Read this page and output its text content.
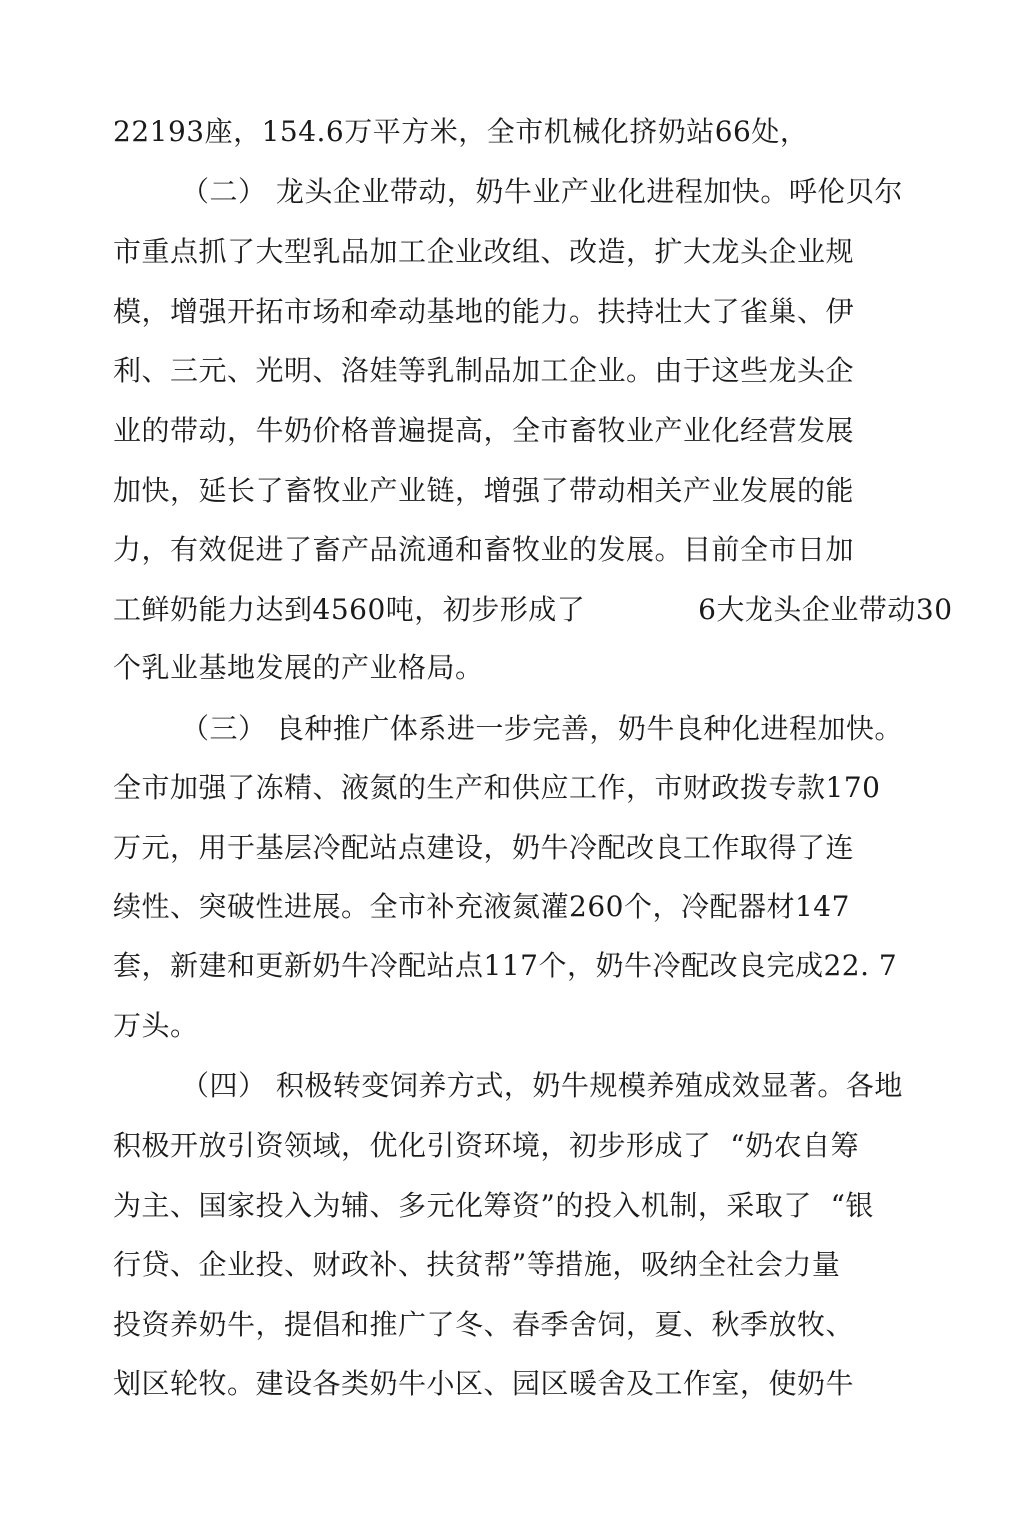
22193座，154.6万平方米，全市机械化挤奶站66处，
（二） 龙头企业带动，奶牛业产业化进程加快。呼伦贝尔
市重点抓了大型乳品加工企业改组、改造，扩大龙头企业规
模，增强开拓市场和牵动基地的能力。扶持壮大了雀巢、伊
利、三元、光明、洛娃等乳制品加工企业。由于这些龙头企
业的带动，牛奶价格普遍提高，全市畜牧业产业化经营发展
加快，延长了畜牧业产业链，增强了带动相关产业发展的能
力，有效促进了畜产品流通和畜牧业的发展。目前全市日加
工鲜奶能力达到4560吨，初步形成了            6大龙头企业带动30
个乳业基地发展的产业格局。
（三） 良种推广体系进一步完善，奶牛良种化进程加快。
全市加强了冻精、液氮的生产和供应工作，市财政拨专款170
万元，用于基层冷配站点建设，奶牛冷配改良工作取得了连
续性、突破性进展。全市补充液氮灌260个，冷配器材147
套，新建和更新奶牛冷配站点117个，奶牛冷配改良完成22. 7
万头。
（四） 积极转变饲养方式，奶牛规模养殖成效显著。各地
积极开放引资领域，优化引资环境，初步形成了  “奶农自筹
为主、国家投入为辅、多元化筹资”的投入机制，采取了  “银
行贷、企业投、财政补、扶贫帮”等措施，吸纳全社会力量
投资养奶牛，提倡和推广了冬、春季舍饲，夏、秋季放牧、
划区轮牧。建设各类奶牛小区、园区暖舍及工作室，使奶牛
